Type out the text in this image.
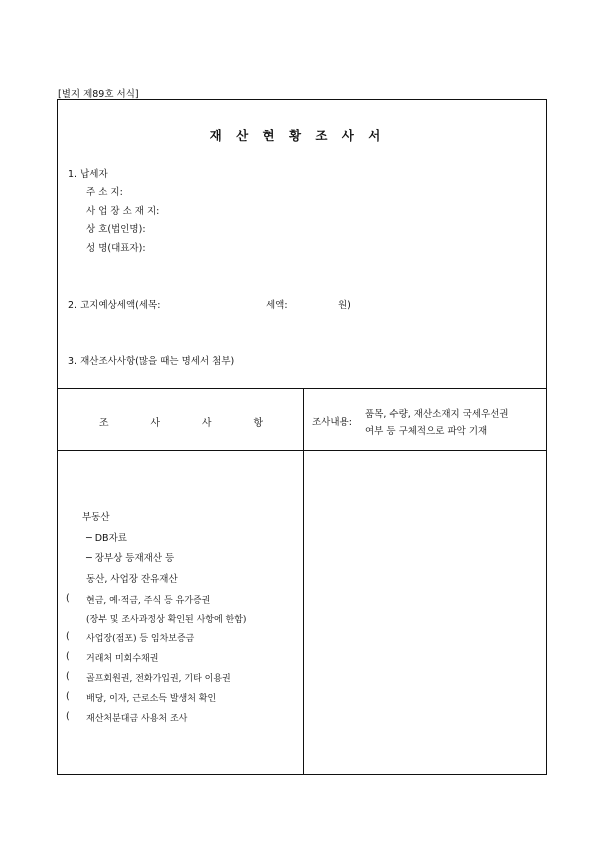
[별지 제89호 서식]
재 산 현 황 조 사 서
1. 납세자
주 소 지:
사 업 장 소 재 지:
상 호(법인명):
성 명(대표자):
2. 고지예상세액(세목:	세액:	원)
3. 재산조사사항(많을 때는 명세서 첨부)
조	사	사	항	조사내용:
품목, 수량, 재산소재지 국세우선권
여부 등 구체적으로 파악 기재
부동산
─ DB자료
─ 장부상 등재재산 등
동산, 사업장 잔유재산
( 현금, 예·적금, 주식 등 유가증권
(장부 및 조사과정상 확인된 사항에 한함)
( 사업장(점포) 등 임차보증금
( 거래처 미회수채권
( 골프회원권, 전화가입권, 기타 이용권
( 배당, 이자, 근로소득 발생처 확인
( 재산처분대금 사용처 조사
